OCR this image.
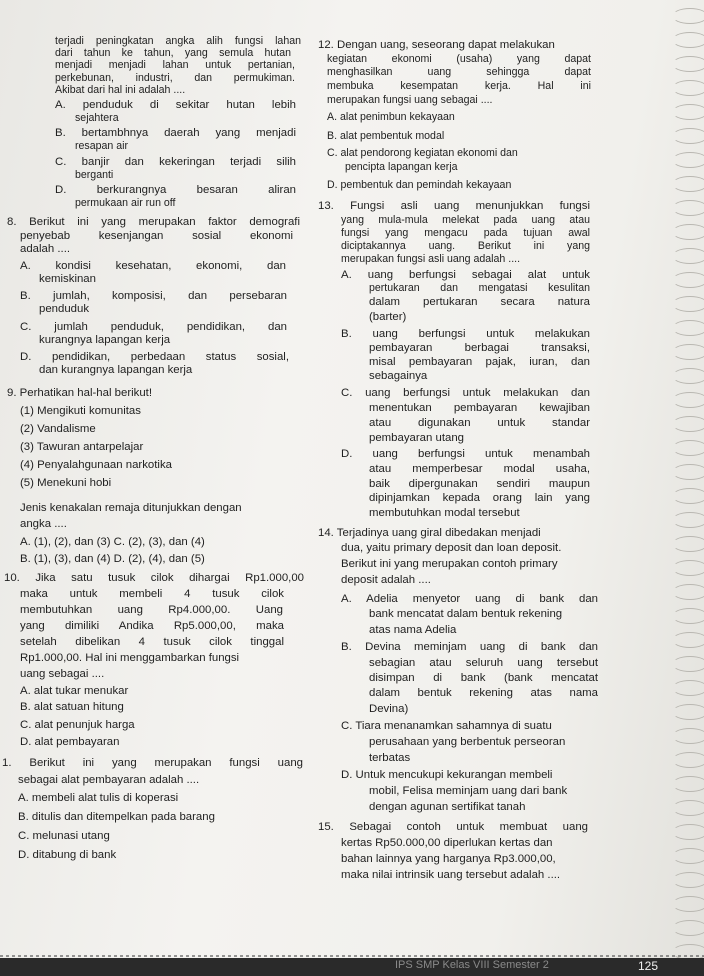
terjadi peningkatan angka alih fungsi lahan
dari tahun ke tahun, yang semula hutan
menjadi menjadi lahan untuk pertanian,
perkebunan, industri, dan permukiman.
Akibat dari hal ini adalah ....
A. penduduk di sekitar hutan lebih
sejahtera
B. bertambhnya daerah yang menjadi
resapan air
C. banjir dan kekeringan terjadi silih
berganti
D. berkurangnya besaran aliran
permukaan air run off
8. Berikut ini yang merupakan faktor demografi
penyebab kesenjangan sosial ekonomi
adalah ....
A. kondisi kesehatan, ekonomi, dan
kemiskinan
B. jumlah, komposisi, dan persebaran
penduduk
C. jumlah penduduk, pendidikan, dan
kurangnya lapangan kerja
D. pendidikan, perbedaan status sosial,
dan kurangnya lapangan kerja
9. Perhatikan hal-hal berikut!
(1) Mengikuti komunitas
(2) Vandalisme
(3) Tawuran antarpelajar
(4) Penyalahgunaan narkotika
(5) Menekuni hobi
Jenis kenakalan remaja ditunjukkan dengan
angka ....
A. (1), (2), dan (3) C. (2), (3), dan (4)
B. (1), (3), dan (4) D. (2), (4), dan (5)
10. Jika satu tusuk cilok dihargai Rp1.000,00
maka untuk membeli 4 tusuk cilok
membutuhkan uang Rp4.000,00. Uang
yang dimiliki Andika Rp5.000,00, maka
setelah dibelikan 4 tusuk cilok tinggal
Rp1.000,00. Hal ini menggambarkan fungsi
uang sebagai ....
A. alat tukar menukar
B. alat satuan hitung
C. alat penunjuk harga
D. alat pembayaran
1. Berikut ini yang merupakan fungsi uang
sebagai alat pembayaran adalah ....
A. membeli alat tulis di koperasi
B. ditulis dan ditempelkan pada barang
C. melunasi utang
D. ditabung di bank
12. Dengan uang, seseorang dapat melakukan
kegiatan ekonomi (usaha) yang dapat
menghasilkan uang sehingga dapat
membuka kesempatan kerja. Hal ini
merupakan fungsi uang sebagai ....
A. alat penimbun kekayaan
B. alat pembentuk modal
C. alat pendorong kegiatan ekonomi dan
pencipta lapangan kerja
D. pembentuk dan pemindah kekayaan
13. Fungsi asli uang menunjukkan fungsi
yang mula-mula melekat pada uang atau
fungsi yang mengacu pada tujuan awal
diciptakannya uang. Berikut ini yang
merupakan fungsi asli uang adalah ....
A. uang berfungsi sebagai alat untuk
pertukaran dan mengatasi kesulitan
dalam pertukaran secara natura
(barter)
B. uang berfungsi untuk melakukan
pembayaran berbagai transaksi,
misal pembayaran pajak, iuran, dan
sebagainya
C. uang berfungsi untuk melakukan dan
menentukan pembayaran kewajiban
atau digunakan untuk standar
pembayaran utang
D. uang berfungsi untuk menambah
atau memperbesar modal usaha,
baik dipergunakan sendiri maupun
dipinjamkan kepada orang lain yang
membutuhkan modal tersebut
14. Terjadinya uang giral dibedakan menjadi
dua, yaitu primary deposit dan loan deposit.
Berikut ini yang merupakan contoh primary
deposit adalah ....
A. Adelia menyetor uang di bank dan
bank mencatat dalam bentuk rekening
atas nama Adelia
B. Devina meminjam uang di bank dan
sebagian atau seluruh uang tersebut
disimpan di bank (bank mencatat
dalam bentuk rekening atas nama
Devina)
C. Tiara menanamkan sahamnya di suatu
perusahaan yang berbentuk perseoran
terbatas
D. Untuk mencukupi kekurangan membeli
mobil, Felisa meminjam uang dari bank
dengan agunan sertifikat tanah
15. Sebagai contoh untuk membuat uang
kertas Rp50.000,00 diperlukan kertas dan
bahan lainnya yang harganya Rp3.000,00,
maka nilai intrinsik uang tersebut adalah ....
IPS SMP Kelas VIII Semester 2	125
